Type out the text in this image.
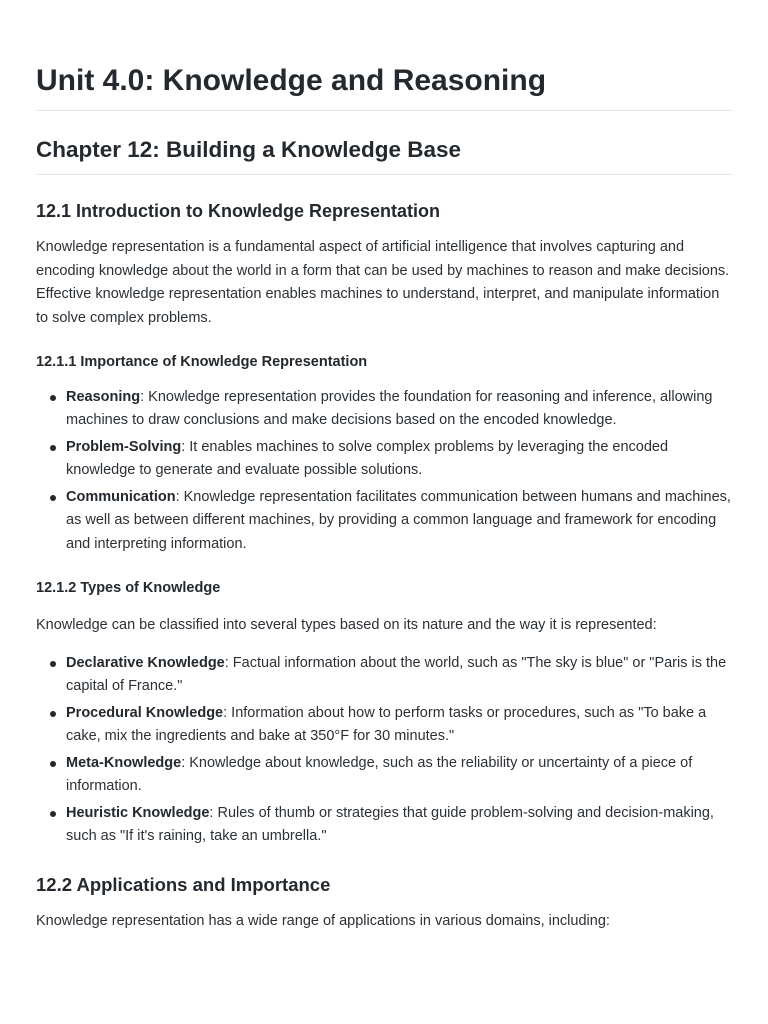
Unit 4.0: Knowledge and Reasoning
Chapter 12: Building a Knowledge Base
12.1 Introduction to Knowledge Representation

Knowledge representation is a fundamental aspect of artificial intelligence that involves capturing and encoding knowledge about the world in a form that can be used by machines to reason and make decisions. Effective knowledge representation enables machines to understand, interpret, and manipulate information to solve complex problems.

12.1.1 Importance of Knowledge Representation
Reasoning: Knowledge representation provides the foundation for reasoning and inference, allowing machines to draw conclusions and make decisions based on the encoded knowledge.
Problem-Solving: It enables machines to solve complex problems by leveraging the encoded knowledge to generate and evaluate possible solutions.
Communication: Knowledge representation facilitates communication between humans and machines, as well as between different machines, by providing a common language and framework for encoding and interpreting information.
12.1.2 Types of Knowledge

Knowledge can be classified into several types based on its nature and the way it is represented:

Declarative Knowledge: Factual information about the world, such as "The sky is blue" or "Paris is the capital of France."
Procedural Knowledge: Information about how to perform tasks or procedures, such as "To bake a cake, mix the ingredients and bake at 350°F for 30 minutes."
Meta-Knowledge: Knowledge about knowledge, such as the reliability or uncertainty of a piece of information.
Heuristic Knowledge: Rules of thumb or strategies that guide problem-solving and decision-making, such as "If it's raining, take an umbrella."
12.2 Applications and Importance

Knowledge representation has a wide range of applications in various domains, including:
